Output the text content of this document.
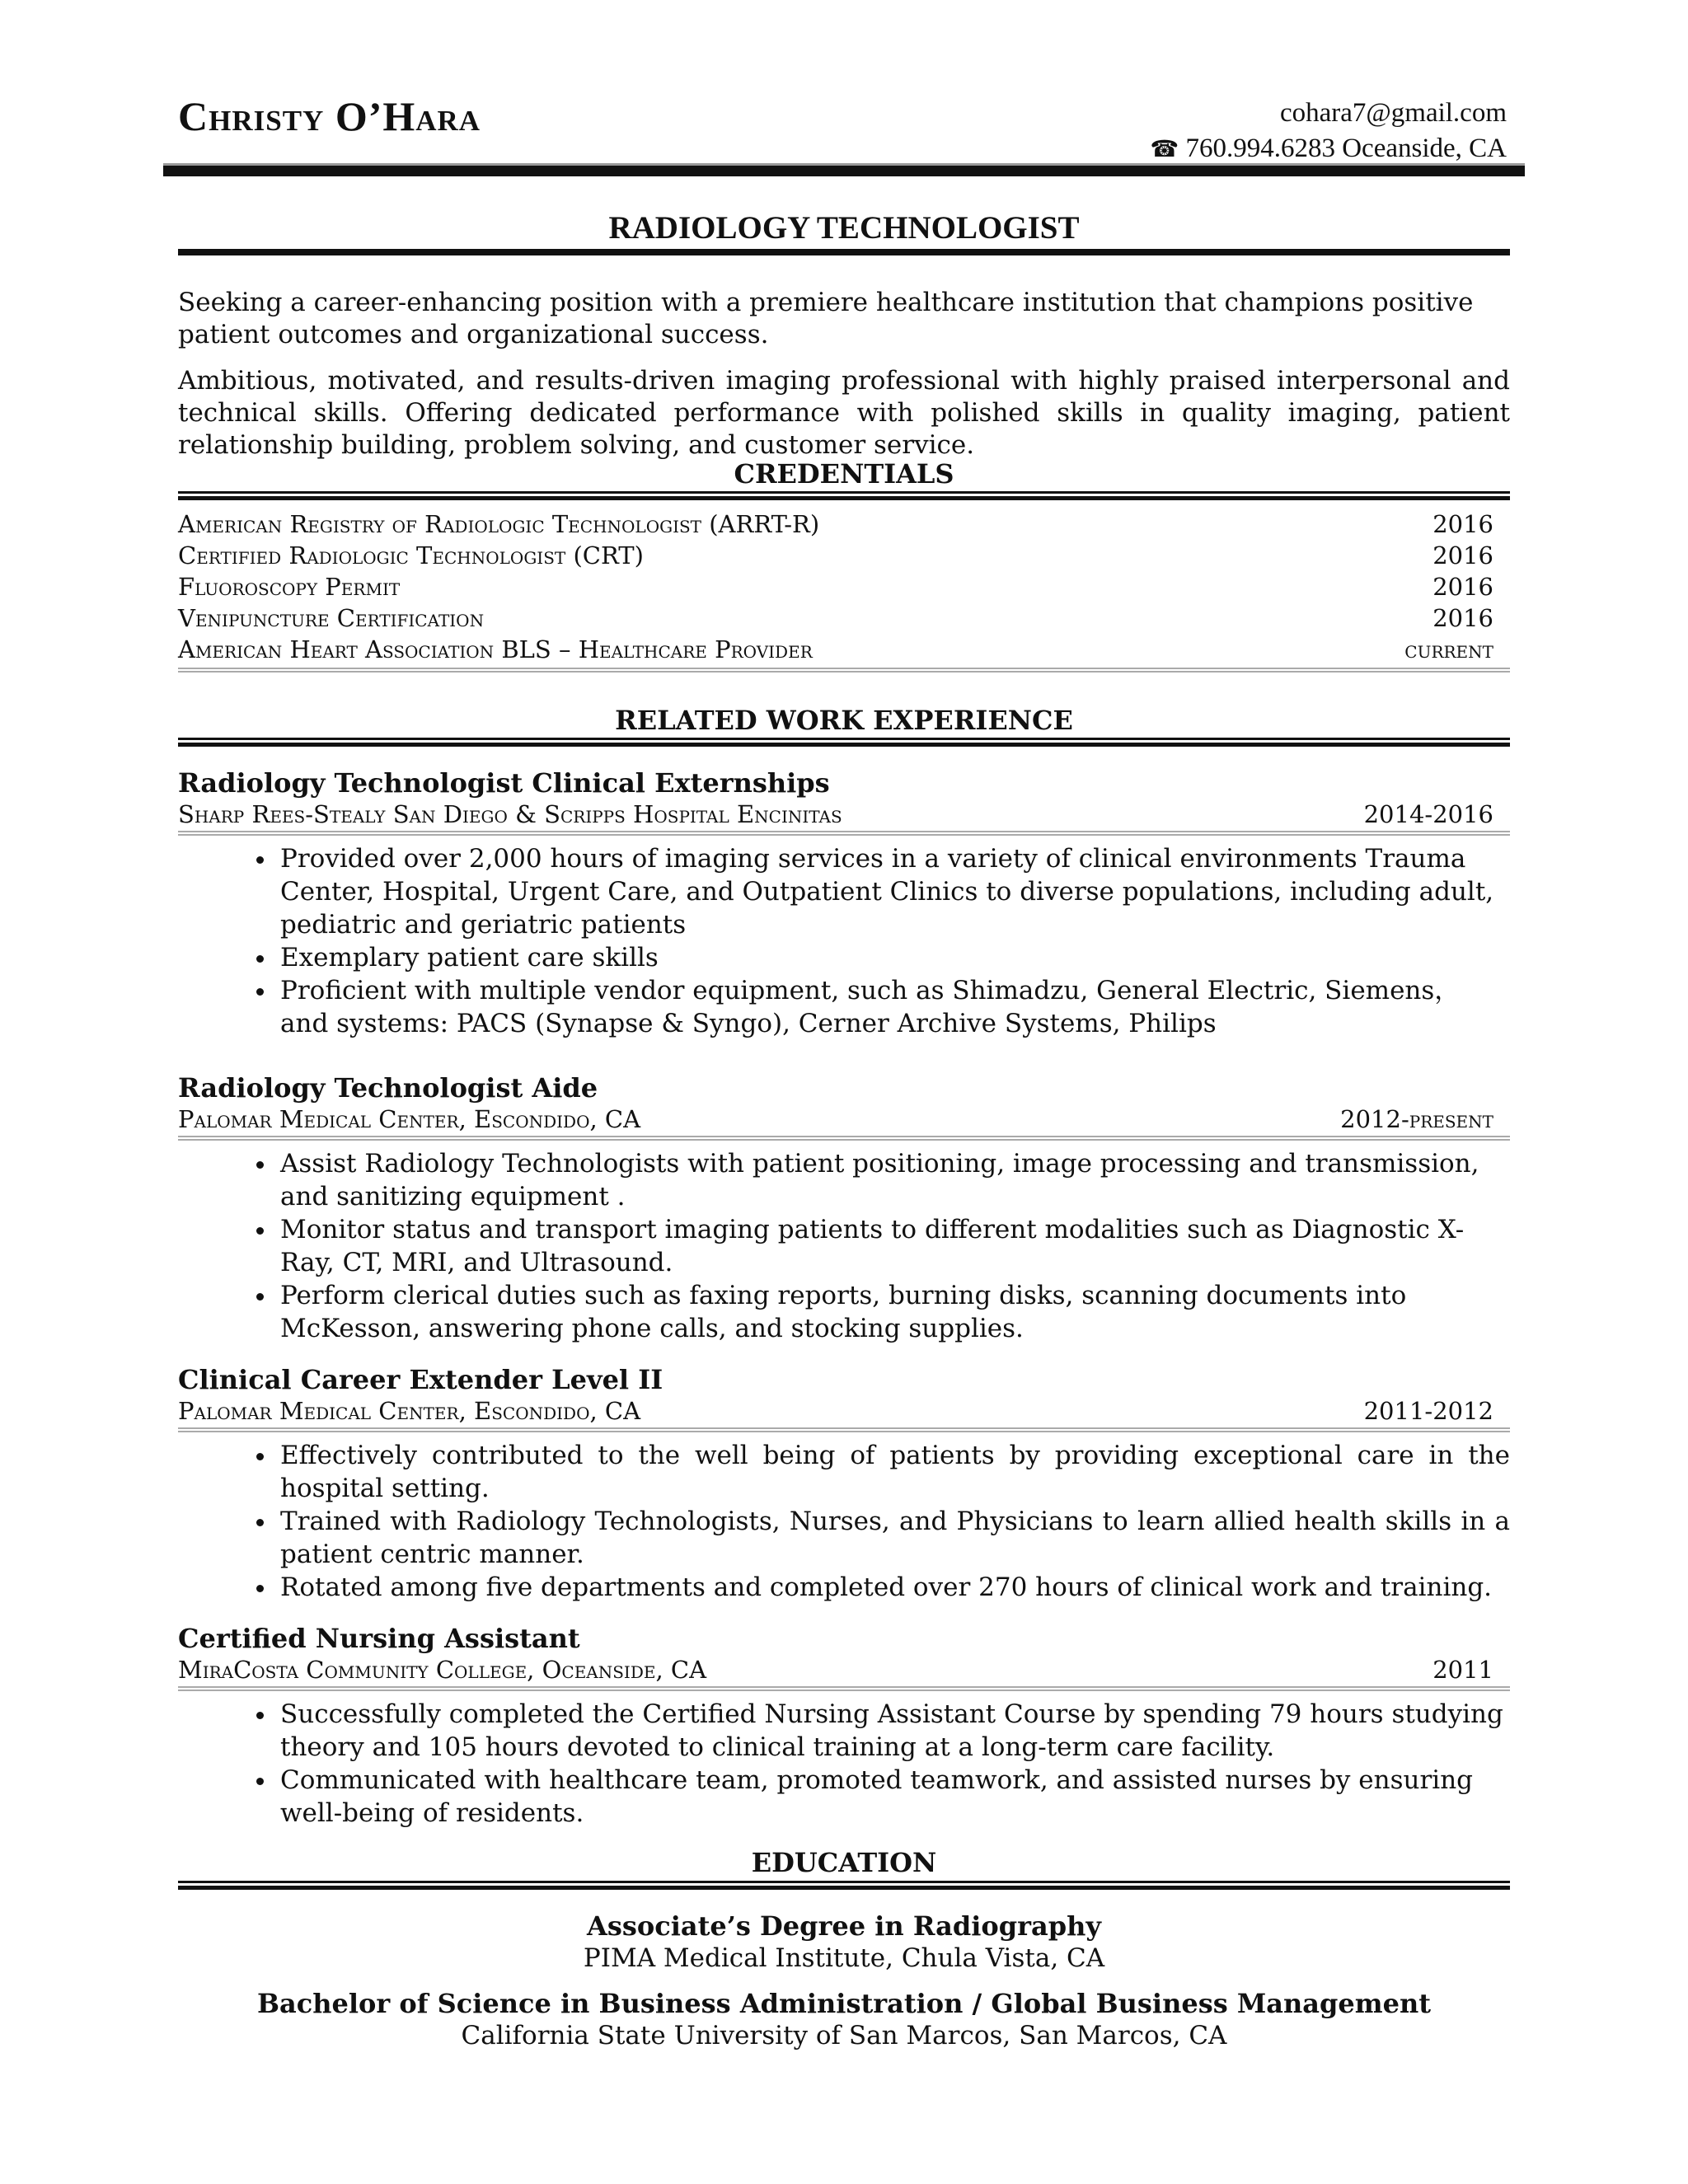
Christy O’Hara	cohara7@gmail.com
☎ 760.994.6283 Oceanside, CA
RADIOLOGY TECHNOLOGIST
Seeking a career-enhancing position with a premiere healthcare institution that champions positive patient outcomes and organizational success.
Ambitious, motivated, and results-driven imaging professional with highly praised interpersonal and technical skills. Offering dedicated performance with polished skills in quality imaging, patient relationship building, problem solving, and customer service.
CREDENTIALS
American Registry of Radiologic Technologist (ARRT-R)	2016
Certified Radiologic Technologist (CRT)	2016
Fluoroscopy Permit	2016
Venipuncture Certification	2016
American Heart Association BLS – Healthcare Provider	current
RELATED WORK EXPERIENCE
Radiology Technologist Clinical Externships
Sharp Rees-Stealy San Diego & Scripps Hospital Encinitas	2014-2016
• Provided over 2,000 hours of imaging services in a variety of clinical environments Trauma Center, Hospital, Urgent Care, and Outpatient Clinics to diverse populations, including adult, pediatric and geriatric patients
• Exemplary patient care skills
• Proficient with multiple vendor equipment, such as Shimadzu, General Electric, Siemens， and systems: PACS (Synapse & Syngo), Cerner Archive Systems, Philips
Radiology Technologist Aide
Palomar Medical Center, Escondido, CA	2012-present
• Assist Radiology Technologists with patient positioning, image processing and transmission, and sanitizing equipment .
• Monitor status and transport imaging patients to different modalities such as Diagnostic X-Ray, CT, MRI, and Ultrasound.
• Perform clerical duties such as faxing reports, burning disks, scanning documents into McKesson, answering phone calls, and stocking supplies.
Clinical Career Extender Level II
Palomar Medical Center, Escondido, CA	2011-2012
• Effectively contributed to the well being of patients by providing exceptional care in the hospital setting.
• Trained with Radiology Technologists, Nurses, and Physicians to learn allied health skills in a patient centric manner.
• Rotated among five departments and completed over 270 hours of clinical work and training.
Certified Nursing Assistant
MiraCosta Community College, Oceanside, CA	2011
• Successfully completed the Certified Nursing Assistant Course by spending 79 hours studying theory and 105 hours devoted to clinical training at a long-term care facility.
• Communicated with healthcare team, promoted teamwork, and assisted nurses by ensuring well-being of residents.
EDUCATION
Associate’s Degree in Radiography
PIMA Medical Institute, Chula Vista, CA
Bachelor of Science in Business Administration / Global Business Management
California State University of San Marcos, San Marcos, CA
